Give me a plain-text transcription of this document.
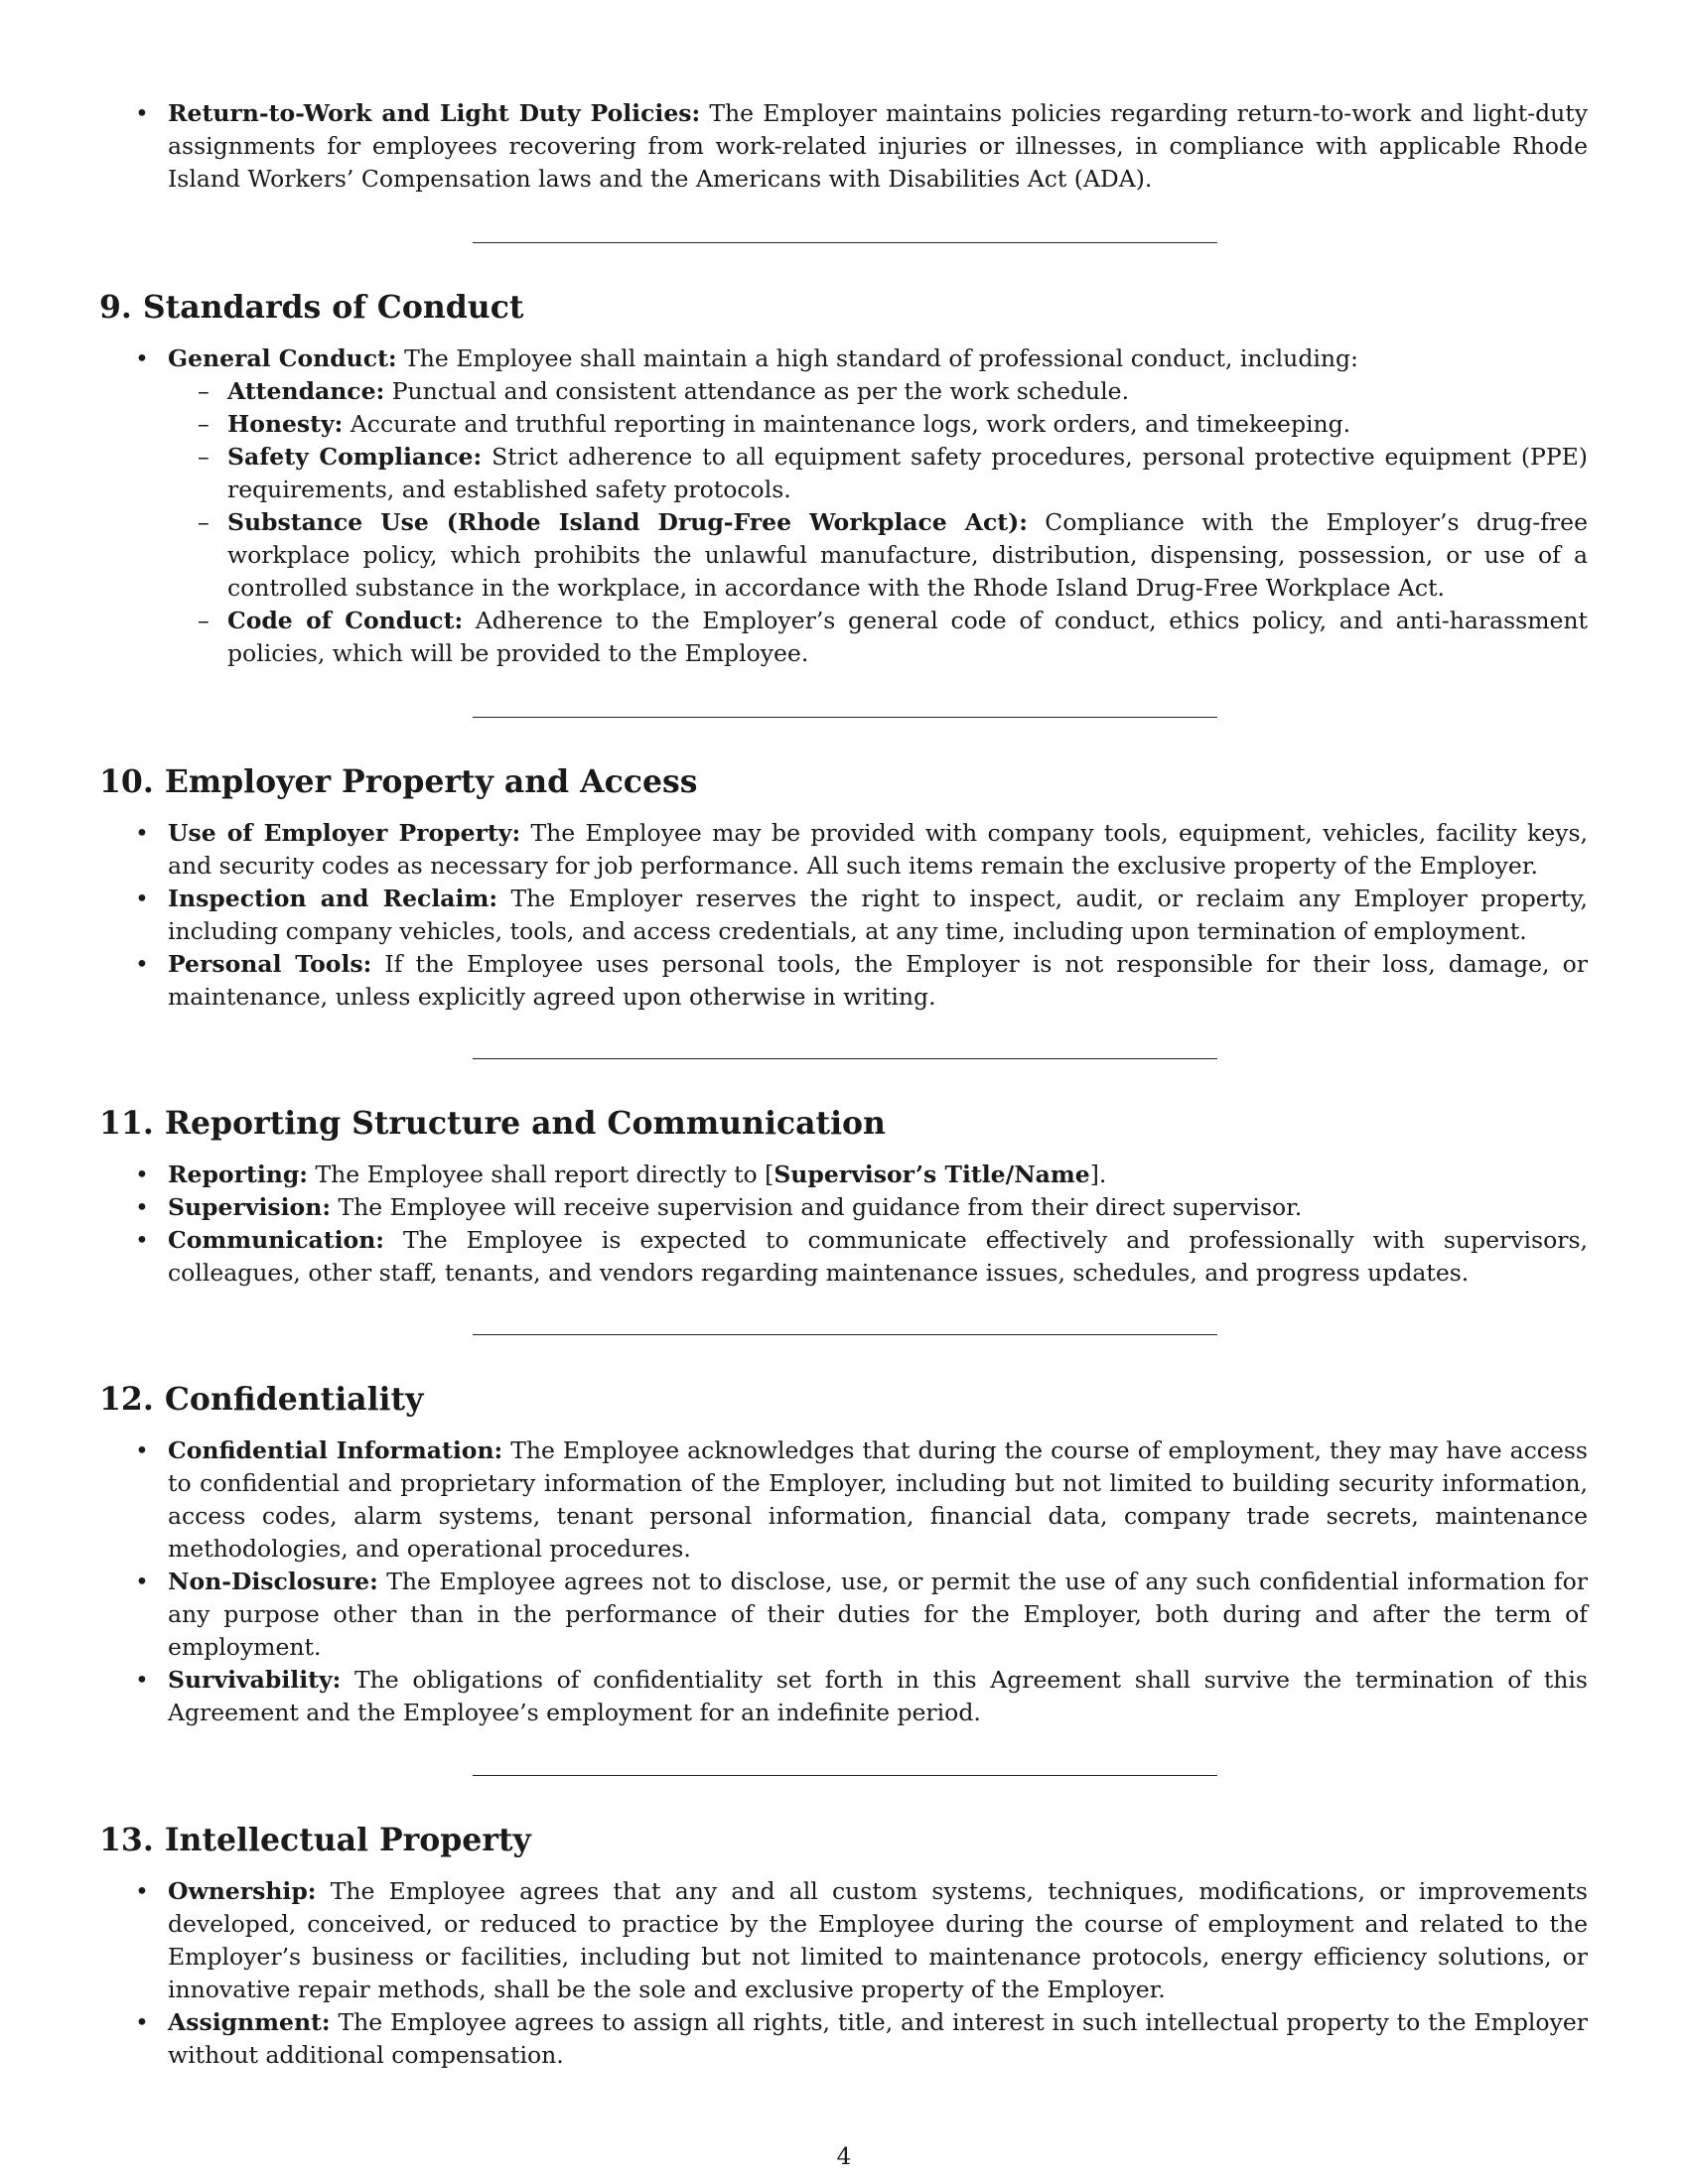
• Return-to-Work and Light Duty Policies: The Employer maintains policies regarding return-to-work and light-duty assignments for employees recovering from work-related injuries or illnesses, in compliance with applicable Rhode Island Workers’ Compensation laws and the Americans with Disabilities Act (ADA).
9. Standards of Conduct
• General Conduct: The Employee shall maintain a high standard of professional conduct, including:
– Attendance: Punctual and consistent attendance as per the work schedule.
– Honesty: Accurate and truthful reporting in maintenance logs, work orders, and timekeeping.
– Safety Compliance: Strict adherence to all equipment safety procedures, personal protective equipment (PPE) requirements, and established safety protocols.
– Substance Use (Rhode Island Drug-Free Workplace Act): Compliance with the Employer’s drug-free workplace policy, which prohibits the unlawful manufacture, distribution, dispensing, possession, or use of a controlled substance in the workplace, in accordance with the Rhode Island Drug-Free Workplace Act.
– Code of Conduct: Adherence to the Employer’s general code of conduct, ethics policy, and anti-harassment policies, which will be provided to the Employee.
10. Employer Property and Access
• Use of Employer Property: The Employee may be provided with company tools, equipment, vehicles, facility keys, and security codes as necessary for job performance. All such items remain the exclusive property of the Employer.
• Inspection and Reclaim: The Employer reserves the right to inspect, audit, or reclaim any Employer property, including company vehicles, tools, and access credentials, at any time, including upon termination of employment.
• Personal Tools: If the Employee uses personal tools, the Employer is not responsible for their loss, damage, or maintenance, unless explicitly agreed upon otherwise in writing.
11. Reporting Structure and Communication
• Reporting: The Employee shall report directly to [Supervisor’s Title/Name].
• Supervision: The Employee will receive supervision and guidance from their direct supervisor.
• Communication: The Employee is expected to communicate effectively and professionally with supervisors, colleagues, other staff, tenants, and vendors regarding maintenance issues, schedules, and progress updates.
12. Confidentiality
• Confidential Information: The Employee acknowledges that during the course of employment, they may have access to confidential and proprietary information of the Employer, including but not limited to building security information, access codes, alarm systems, tenant personal information, financial data, company trade secrets, maintenance methodologies, and operational procedures.
• Non-Disclosure: The Employee agrees not to disclose, use, or permit the use of any such confidential information for any purpose other than in the performance of their duties for the Employer, both during and after the term of employment.
• Survivability: The obligations of confidentiality set forth in this Agreement shall survive the termination of this Agreement and the Employee’s employment for an indefinite period.
13. Intellectual Property
• Ownership: The Employee agrees that any and all custom systems, techniques, modifications, or improvements developed, conceived, or reduced to practice by the Employee during the course of employment and related to the Employer’s business or facilities, including but not limited to maintenance protocols, energy efficiency solutions, or innovative repair methods, shall be the sole and exclusive property of the Employer.
• Assignment: The Employee agrees to assign all rights, title, and interest in such intellectual property to the Employer without additional compensation.
4
